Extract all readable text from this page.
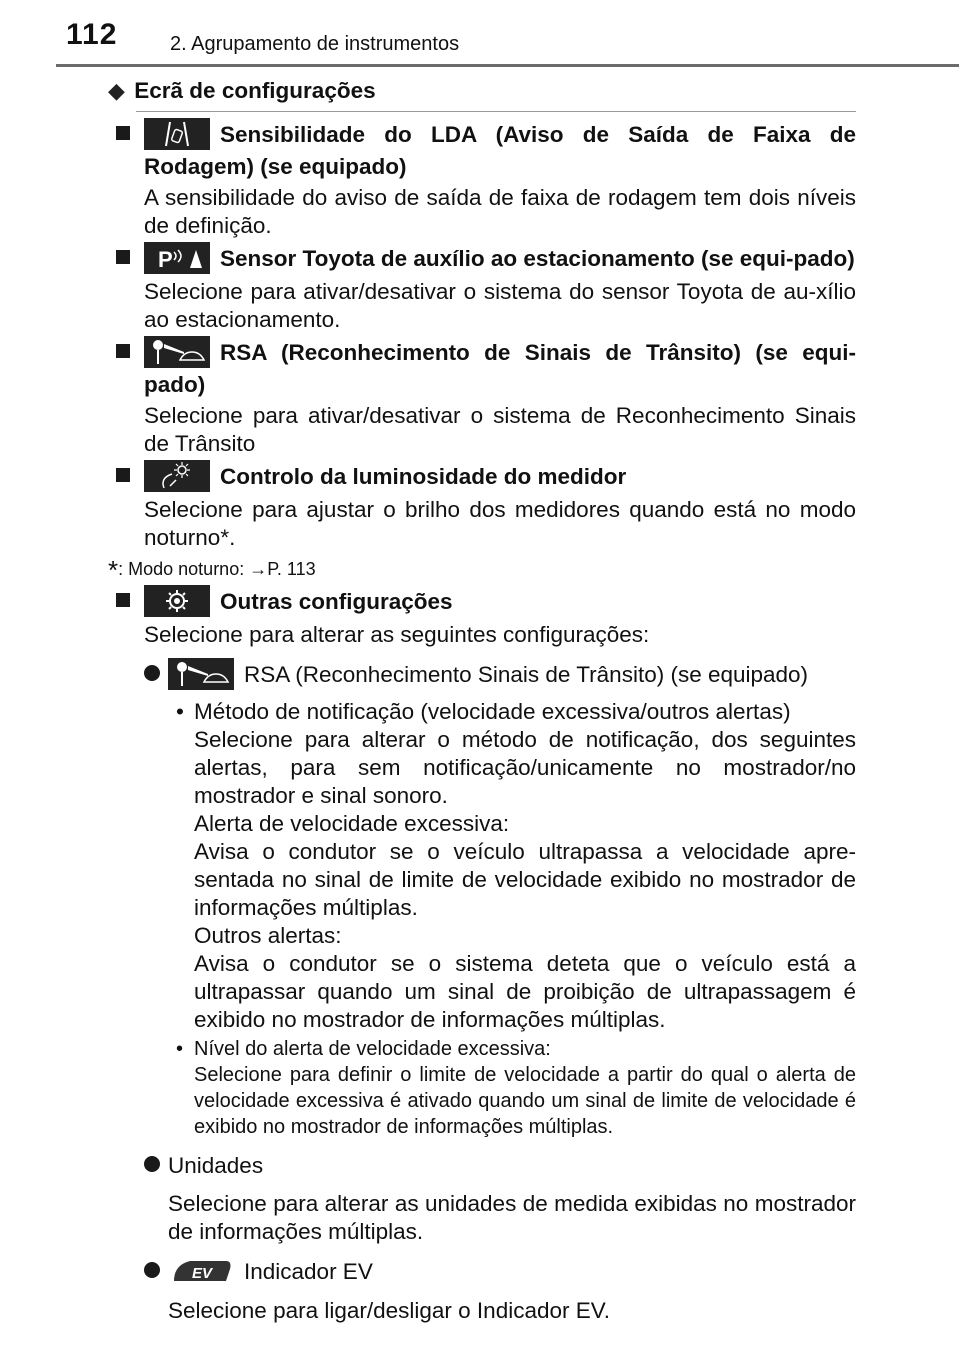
112	2. Agrupamento de instrumentos
◆ Ecrã de configurações
Sensibilidade do LDA (Aviso de Saída de Faixa de Rodagem) (se equipado)
A sensibilidade do aviso de saída de faixa de rodagem tem dois níveis de definição.
P Sensor Toyota de auxílio ao estacionamento (se equi-pado)
Selecione para ativar/desativar o sistema do sensor Toyota de au-xílio ao estacionamento.
RSA (Reconhecimento de Sinais de Trânsito) (se equi-pado)
Selecione para ativar/desativar o sistema de Reconhecimento Sinais de Trânsito
Controlo da luminosidade do medidor
Selecione para ajustar o brilho dos medidores quando está no modo noturno*.
*: Modo noturno: →P. 113
Outras configurações
Selecione para alterar as seguintes configurações:
RSA (Reconhecimento Sinais de Trânsito) (se equipado)
• Método de notificação (velocidade excessiva/outros alertas)
Selecione para alterar o método de notificação, dos seguintes alertas, para sem notificação/unicamente no mostrador/no mostrador e sinal sonoro.
Alerta de velocidade excessiva:
Avisa o condutor se o veículo ultrapassa a velocidade apre-sentada no sinal de limite de velocidade exibido no mostrador de informações múltiplas.
Outros alertas:
Avisa o condutor se o sistema deteta que o veículo está a ultrapassar quando um sinal de proibição de ultrapassagem é exibido no mostrador de informações múltiplas.
• Nível do alerta de velocidade excessiva:
Selecione para definir o limite de velocidade a partir do qual o alerta de velocidade excessiva é ativado quando um sinal de limite de velocidade é exibido no mostrador de informações múltiplas.
Unidades
Selecione para alterar as unidades de medida exibidas no mostrador de informações múltiplas.
EV Indicador EV
Selecione para ligar/desligar o Indicador EV.
